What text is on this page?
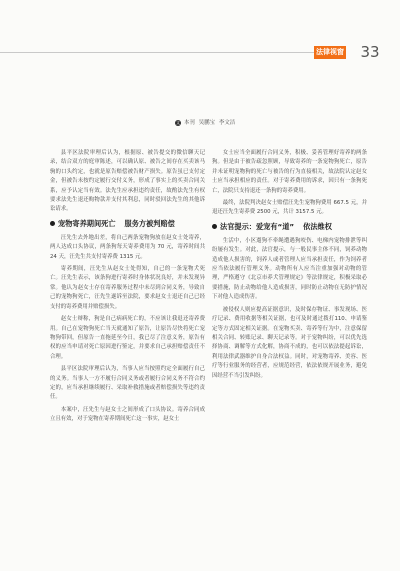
法律视窗	33
文 本刊 吴鹏宝 李文洁

县平区法院审理后认为，根据原、被告提交的微信聊天记录，结合双方的庭审陈述，可以确认原、被告之间存在买卖该马驹的口头约定，也就是原告赔偿被告财产损失。原告虽已支付定金，但被告未按约定履行交付义务，形成了事实上的买卖合同关系，应予认定当有效。法先生应承担违约责任，故酌法先生有权要求法先生退还购物款并支付其利息，同时驳回法先生的其他诉讼请求。

宠物寄养期间死亡 服务方被判赔偿

汪先生去外地出差，将自己两条宠物狗放在赵女士处寄养，两人达成口头协议，两条狗每天寄养费用为 70 元，寄养时间共 24 天，汪先生共支付寄养费 1315 元。

寄养期间，汪先生从赵女士处得知，自己的一条宠物犬死亡。汪先生表示，该条狗进行寄养时身体状况良好，并未发现异常。他认为赵女士存在寄养服务过程中未尽到合同义务，导致自己的宠物狗死亡，汪先生遂诉至法院，要求赵女士退还自己已经支付的寄养费用并赔偿损失。

赵女士辩称，狗是自己病病死亡的，不应该让我退还寄养费用。自己在宠物狗死亡当天就通知了原告，让原告尽快将死亡宠物狗带回，但原告一直拖延至今日，我已尽了注意义务，原告有权的应当申请对死亡原因进行鉴定，并要求自己承担赔偿责任不合理。

县平区法院审理后认为，当事人应当按照约定全面履行自己的义务。当事人一方不履行合同义务或者履行合同义务不符合约定的，应当承担继续履行、采取补救措施或者赔偿损失等违约责任。

本案中，汪先生与赵女士之间形成了口头协议。寄养合同成立且有效，对于宠物在寄养期间死亡这一事实，赵女士

女士应当全面履行合同义务，积极、妥善管理好寄养的两条狗。但是由于被告疏忽照顾，导致寄养的一条宠物狗死亡，原告并未证明宠物狗的死亡与被告的行为直接相关，故法院认定赵女士应当承担相应的责任。对于寄养费用的诉求，因只有一条狗死亡，法院只支持退还一条狗的寄养费用。

最终，法院判决赵女士赔偿汪先生宠物狗费用 667.5 元，并退还汪先生寄养费 2500 元，共计 3157.5 元。

法官提示：爱宠有“道” 依法维权

生活中，小区遛狗不牵绳遭遇狗咬伤、电梯内宠物排泄等纠纷屡有发生。对此，法官提示，与一般民事主体不同，饲养动物造成他人损害的，饲养人或者管理人应当承担责任，作为饲养者应当依法履行管理义务。动物所有人应当注重加强对动物的管理，严格遵守《北京市养犬管理规定》等法律规定，积极采取必要措施，防止动物给他人造成损害，同时防止动物在无防护情况下对他人造成伤害。

被侵权人则应提高证据意识，及时保存物证、事发现场、医疗记录、费用收据等相关证据，也可及时通过拨打110、申请鉴定等方式固定相关证据。在宠物买卖、寄养等行为中，注意保留相关合同、转账记录、聊天记录等。对于宠物纠纷，可以优先选择协商、调解等方式化解，协商不成的，也可以依法提起诉讼，利用法律武器维护自身合法权益。同时，对宠物寄养、美容、医疗等行业服务的经营者，应规范经营，依法依规开展业务，避免因经营不当引发纠纷。
